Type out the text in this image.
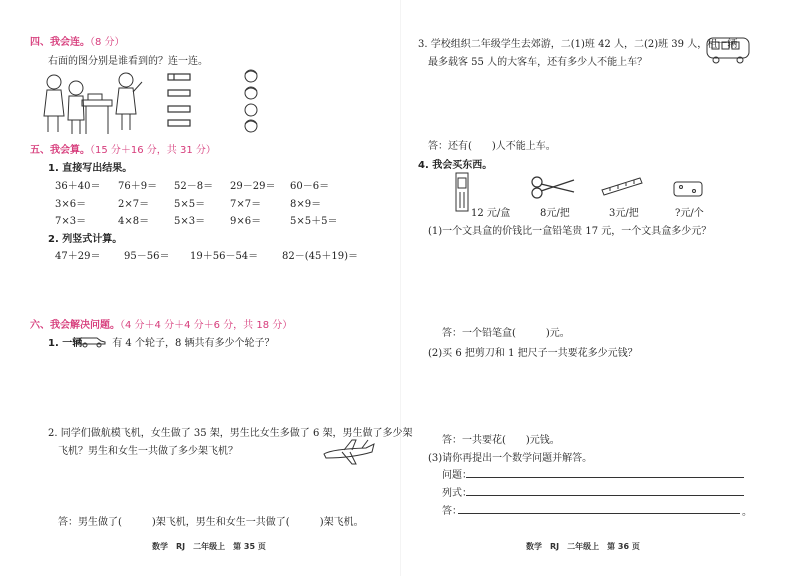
四、我会连。（8 分）
右面的图分别是谁看到的？连一连。
五、我会算。（15 分＋16 分，共 31 分）
1. 直接写出结果。
36＋40＝ 76＋9＝ 52－8＝ 29－29＝ 60－6＝
3×6＝	2×7＝ 5×5＝ 7×7＝	8×9＝
7×3＝	4×8＝ 5×3＝ 9×6＝	5×5＋5＝
2. 列竖式计算。
47＋29＝ 95－56＝ 19＋56－54＝ 82－(45＋19)＝
六、我会解决问题。（4 分＋4 分＋4 分＋6 分，共 18 分）
1. 一辆	有 4 个轮子，8 辆共有多少个轮子？
2. 同学们做航模飞机，女生做了 35 架，男生比女生多做了 6 架，男生做了多少架
飞机？男生和女生一共做了多少架飞机？
答：男生做了(　　　)架飞机，男生和女生一共做了(　　　)架飞机。
数学　RJ　二年级上　第 35 页
3. 学校组织二年级学生去郊游，二(1)班 42 人，二(2)班 39 人，租一辆
最多载客 55 人的大客车，还有多少人不能上车？
答：还有(　　)人不能上车。
4. 我会买东西。
12 元/盒	8元/把	3元/把	?元/个
(1)一个文具盒的价钱比一盒铅笔贵 17 元，一个文具盒多少元？
答：一个铅笔盒(　　　)元。
(2)买 6 把剪刀和 1 把尺子一共要花多少元钱？
答：一共要花(　　)元钱。
(3)请你再提出一个数学问题并解答。
问题：
列式：
答：	。
数学　RJ　二年级上　第 36 页
